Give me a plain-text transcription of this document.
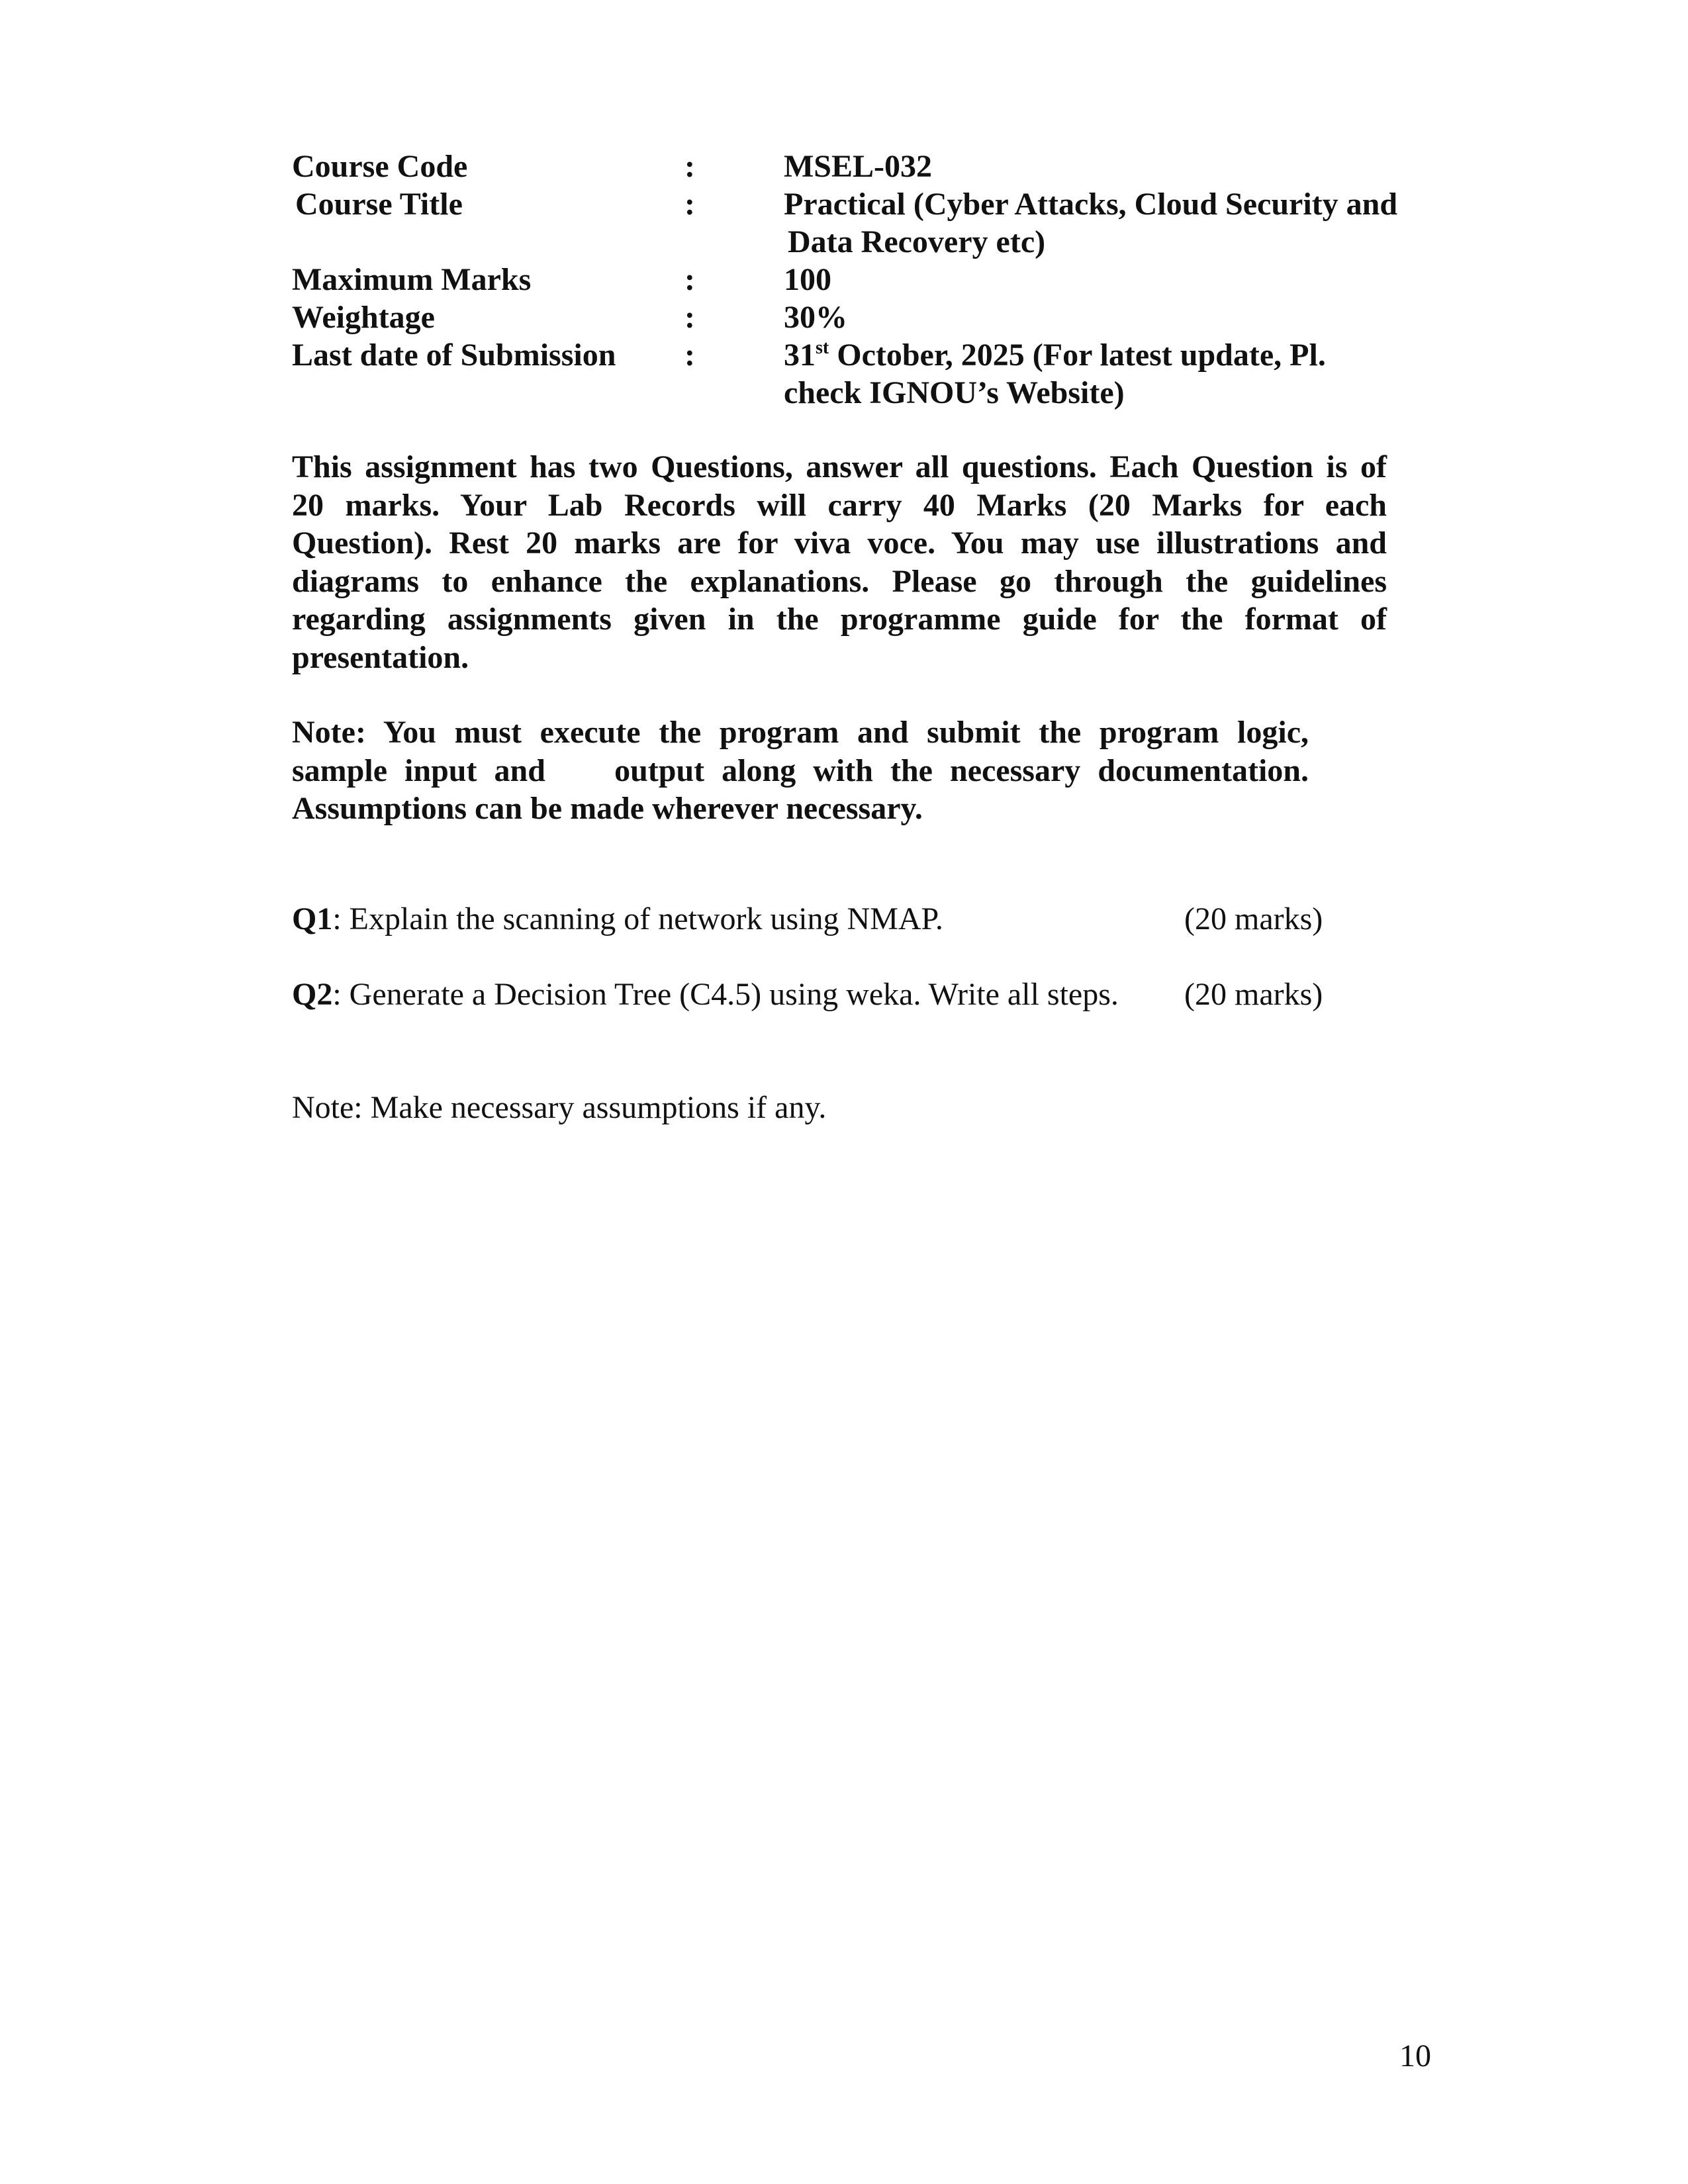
Course Code	:	MSEL-032
Course Title	:	Practical (Cyber Attacks, Cloud Security and
Data Recovery etc)
Maximum Marks	:	100
Weightage	:	30%
Last date of Submission :	31st October, 2025 (For latest update, Pl.
check IGNOU’s Website)
This assignment has two Questions, answer all questions. Each Question is of
20 marks. Your Lab Records will carry 40 Marks (20 Marks for each
Question). Rest 20 marks are for viva voce. You may use illustrations and
diagrams to enhance the explanations. Please go through the guidelines
regarding assignments given in the programme guide for the format of
presentation.
Note: You must execute the program and submit the program logic,
sample input and    output along with the necessary documentation.
Assumptions can be made wherever necessary.
Q1: Explain the scanning of network using NMAP.	(20 marks)
Q2: Generate a Decision Tree (C4.5) using weka. Write all steps. (20 marks)
Note: Make necessary assumptions if any.
10
